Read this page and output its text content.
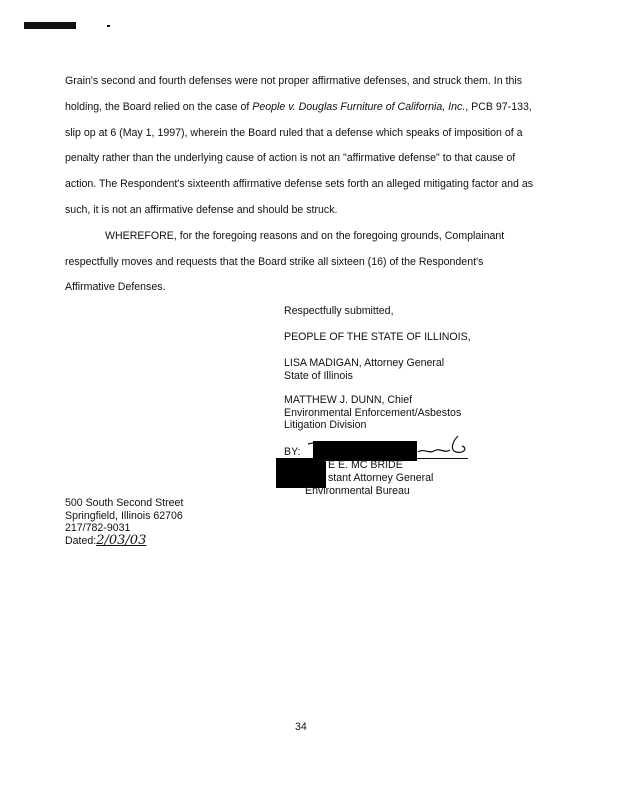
Grain's second and fourth defenses were not proper affirmative defenses, and struck them. In this holding, the Board relied on the case of People v. Douglas Furniture of California, Inc., PCB 97-133, slip op at 6 (May 1, 1997), wherein the Board ruled that a defense which speaks of imposition of a penalty rather than the underlying cause of action is not an "affirmative defense" to that cause of action. The Respondent's sixteenth affirmative defense sets forth an alleged mitigating factor and as such, it is not an affirmative defense and should be struck.

WHEREFORE, for the foregoing reasons and on the foregoing grounds, Complainant respectfully moves and requests that the Board strike all sixteen (16) of the Respondent's Affirmative Defenses.

Respectfully submitted,
PEOPLE OF THE STATE OF ILLINOIS,
LISA MADIGAN, Attorney General
State of Illinois
MATTHEW J. DUNN, Chief
Environmental Enforcement/Asbestos
Litigation Division
BY:
E E. MC BRIDE
stant Attorney General
Environmental Bureau
500 South Second Street
Springfield, Illinois 62706
217/782-9031
Dated:2/03/03
34
